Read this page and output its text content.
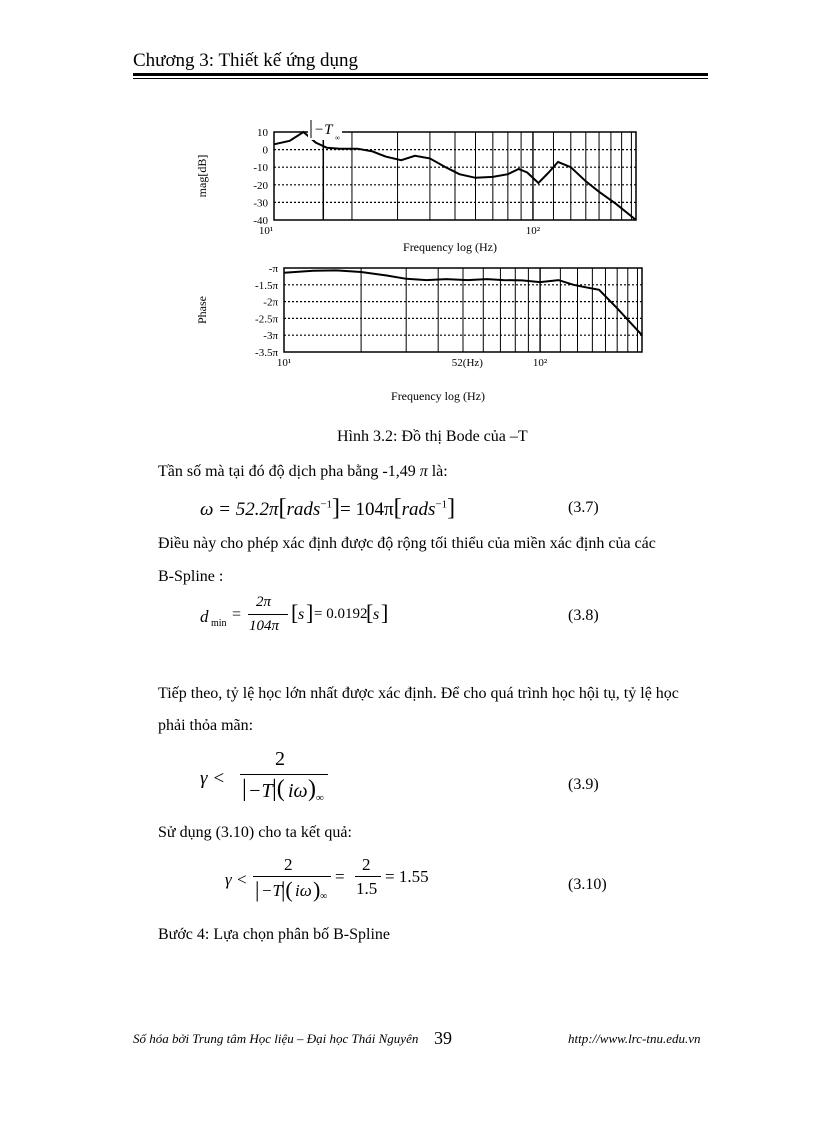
Chương 3: Thiết kế ứng dụng
10
0
-10
-20
-30
-40
10¹	10²
Frequency log (Hz)
mag[dB]
−T ∞
-π
-1.5π
-2π
-2.5π
-3π
-3.5π
10¹	52(Hz)	10²
Frequency log (Hz)
Phase
Hình 3.2: Đồ thị Bode của –T
Tần số mà tại đó độ dịch pha bằng -1,49 π là:
ω = 52.2π[rads$^{-1}$]= 104π[rads$^{-1}$]	(3.7)
Điều này cho phép xác định được độ rộng tối thiểu của miền xác định của các
B-Spline :
d min
=
2π
104π
[ s ] = 0.0192
[ s ]	(3.8)
Tiếp theo, tỷ lệ học lớn nhất được xác định. Để cho quá trình học hội tụ, tỷ lệ học
phải thỏa mãn:
γ <
2
| −T |( iω ) ∞
(3.9)
Sử dụng (3.10) cho ta kết quả:
γ <
2
| −T |( iω ) ∞
=
2
1.5
= 1.55	(3.10)
Bước 4: Lựa chọn phân bố B-Spline
Số hóa bởi Trung tâm Học liệu – Đại học Thái Nguyên 39	http://www.lrc-tnu.edu.vn
